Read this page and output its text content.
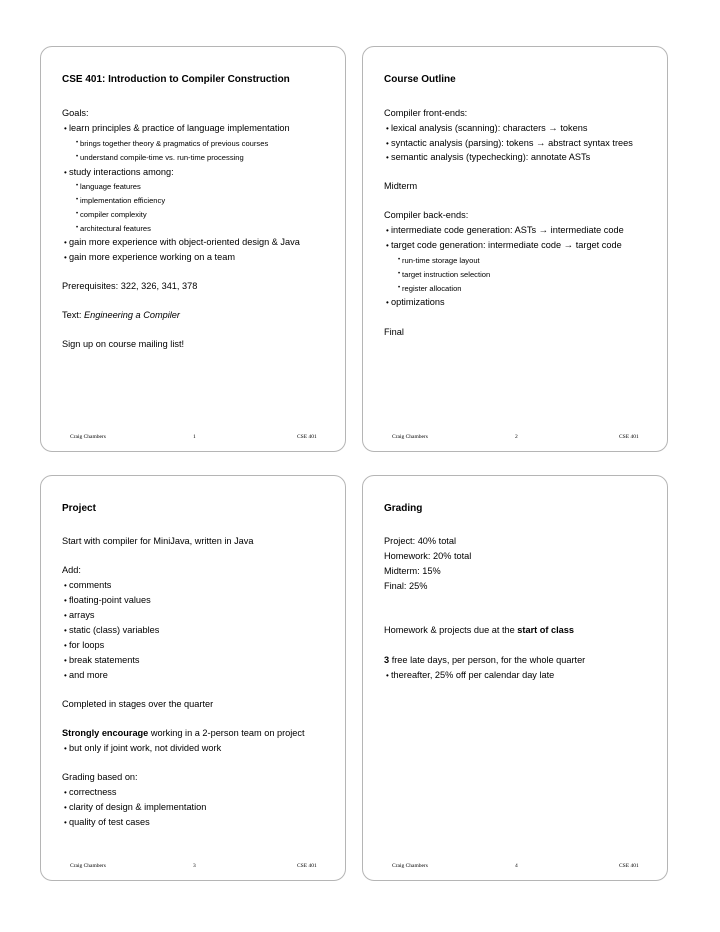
CSE 401: Introduction to Compiler Construction
Goals:
• learn principles & practice of language implementation
• brings together theory & pragmatics of previous courses
• understand compile-time vs. run-time processing
• study interactions among:
• language features
• implementation efficiency
• compiler complexity
• architectural features
• gain more experience with object-oriented design & Java
• gain more experience working on a team
Prerequisites: 322, 326, 341, 378
Text: Engineering a Compiler
Sign up on course mailing list!
Craig Chambers	1	CSE 401
Course Outline
Compiler front-ends:
• lexical analysis (scanning): characters → tokens
• syntactic analysis (parsing): tokens → abstract syntax trees
• semantic analysis (typechecking): annotate ASTs
Midterm
Compiler back-ends:
• intermediate code generation: ASTs → intermediate code
• target code generation: intermediate code → target code
• run-time storage layout
• target instruction selection
• register allocation
• optimizations
Final
Craig Chambers	2	CSE 401
Project
Start with compiler for MiniJava, written in Java
Add:
• comments
• floating-point values
• arrays
• static (class) variables
• for loops
• break statements
• and more
Completed in stages over the quarter
Strongly encourage working in a 2-person team on project
• but only if joint work, not divided work
Grading based on:
• correctness
• clarity of design & implementation
• quality of test cases
Craig Chambers	3	CSE 401
Grading
Project: 40% total
Homework: 20% total
Midterm: 15%
Final: 25%
Homework & projects due at the start of class
3 free late days, per person, for the whole quarter
• thereafter, 25% off per calendar day late
Craig Chambers	4	CSE 401
